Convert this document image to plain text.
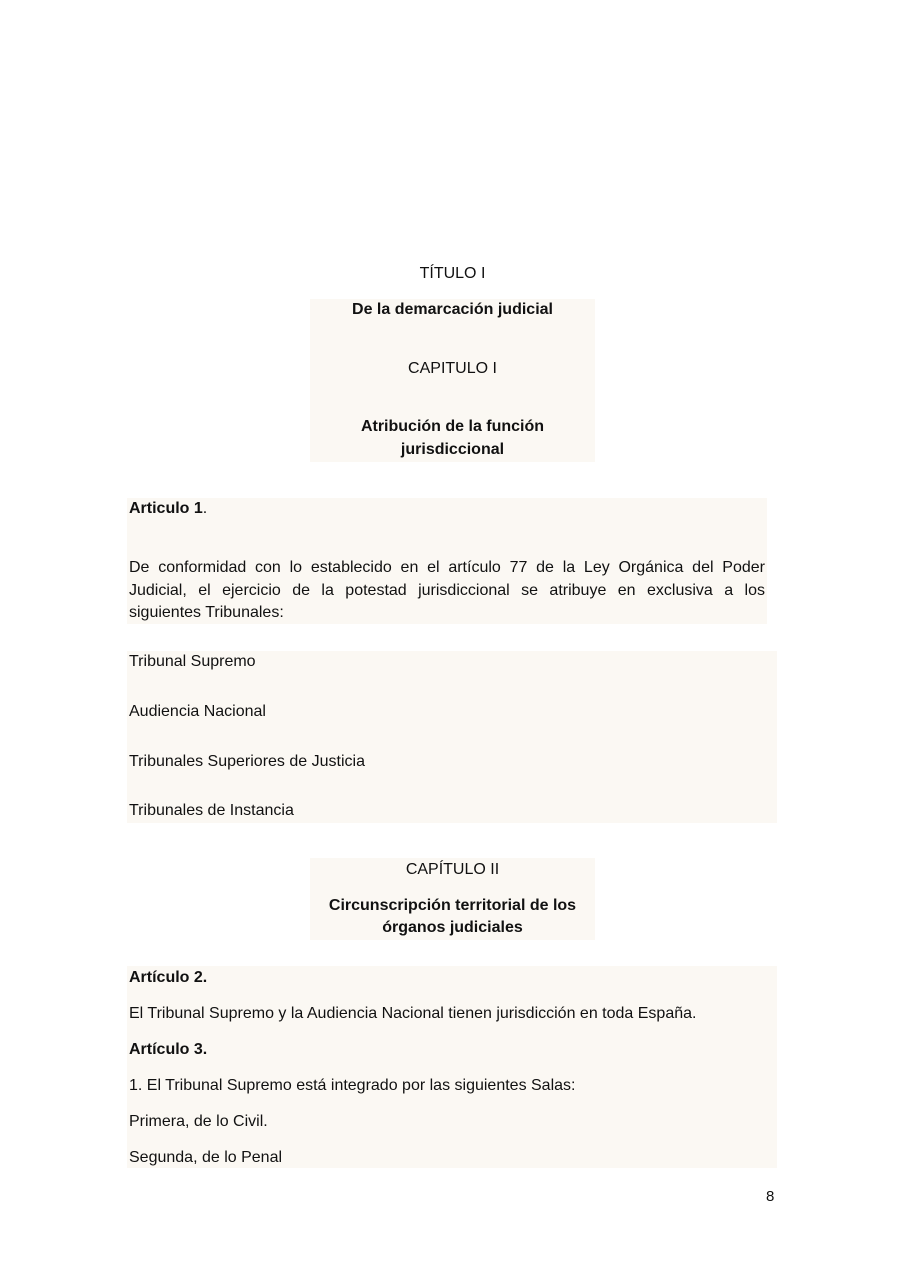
TÍTULO I
De la demarcación judicial
CAPITULO I
Atribución de la función
jurisdiccional
Articulo 1.
De conformidad con lo establecido en el artículo 77 de la Ley Orgánica del Poder
Judicial, el ejercicio de la potestad jurisdiccional se atribuye en exclusiva a los
siguientes Tribunales:
Tribunal Supremo
Audiencia Nacional
Tribunales Superiores de Justicia
Tribunales de Instancia
CAPÍTULO II
Circunscripción territorial de los
órganos judiciales
Artículo 2.
El Tribunal Supremo y la Audiencia Nacional tienen jurisdicción en toda España.
Artículo 3.
1. El Tribunal Supremo está integrado por las siguientes Salas:
Primera, de lo Civil.
Segunda, de lo Penal
8
